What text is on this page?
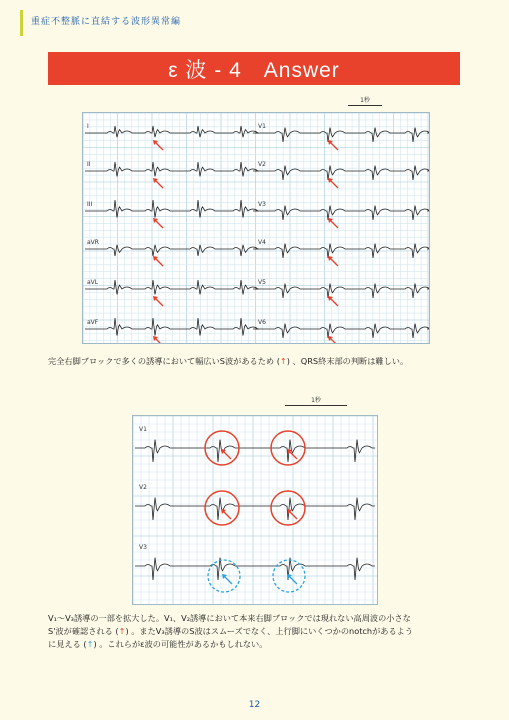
重症不整脈に直結する波形異常編
ε 波 - 4　Answer
1秒
I	V1
II	V2
III	V3
aVR	V4
aVL	V5
aVF	V6
完全右脚ブロックで多くの誘導において幅広いS波があるため (↑) 、QRS終末部の判断は難しい。
1秒
V1
V2
V3
V₁〜V₃誘導の一部を拡大した。V₁、V₂誘導において本来右脚ブロックでは現れない高周波の小さな
S'波が確認される (↑) 。またV₃誘導のS波はスムーズでなく、上行脚にいくつかのnotchがあるよう
に見える (↑) 。これらがε波の可能性があるかもしれない。
12
